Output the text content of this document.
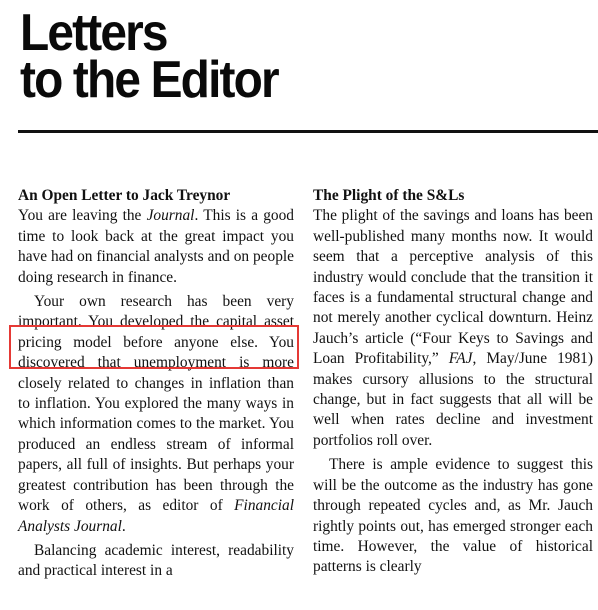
Letters
to the Editor
An Open Letter to Jack Treynor

You are leaving the Journal. This is a good time to look back at the great impact you have had on financial analysts and on people doing research in finance.

Your own research has been very important. You developed the capital asset pricing model before anyone else. You discovered that unemployment is more closely related to changes in inflation than to inflation. You explored the many ways in which information comes to the market. You produced an endless stream of informal papers, all full of insights. But perhaps your greatest contribution has been through the work of others, as editor of Financial Analysts Journal.

Balancing academic interest, readability and practical interest in a

The Plight of the S&Ls

The plight of the savings and loans has been well-published many months now. It would seem that a perceptive analysis of this industry would conclude that the transition it faces is a fundamental structural change and not merely another cyclical downturn. Heinz Jauch’s article (“Four Keys to Savings and Loan Profitability,” FAJ, May/June 1981) makes cursory allusions to the structural change, but in fact suggests that all will be well when rates decline and investment portfolios roll over.

There is ample evidence to suggest this will be the outcome as the industry has gone through repeated cycles and, as Mr. Jauch rightly points out, has emerged stronger each time. However, the value of historical patterns is clearly
